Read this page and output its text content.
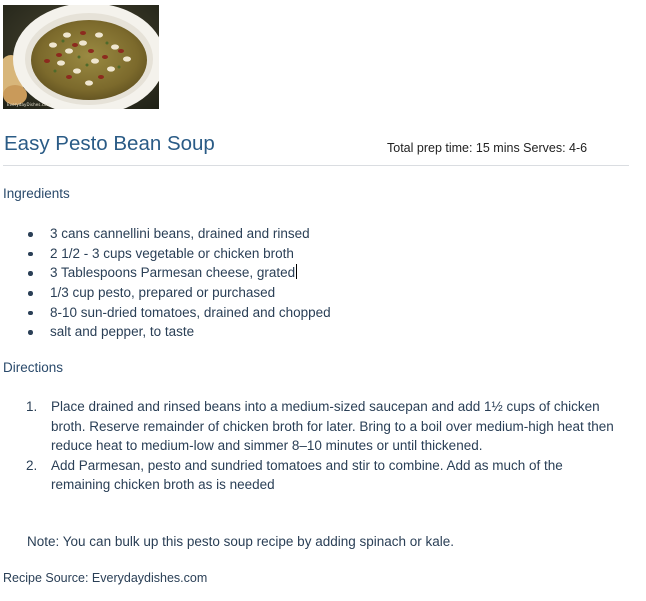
EverydayDishes.com
Easy Pesto Bean Soup	Total prep time: 15 mins Serves: 4-6
Ingredients
3 cans cannellini beans, drained and rinsed
2 1/2 - 3 cups vegetable or chicken broth
3 Tablespoons Parmesan cheese, grated
1/3 cup pesto, prepared or purchased
8-10 sun-dried tomatoes, drained and chopped
salt and pepper, to taste
Directions
1. Place drained and rinsed beans into a medium-sized saucepan and add 1½ cups of chicken broth. Reserve remainder of chicken broth for later. Bring to a boil over medium-high heat then reduce heat to medium-low and simmer 8–10 minutes or until thickened.
2. Add Parmesan, pesto and sundried tomatoes and stir to combine. Add as much of the remaining chicken broth as is needed
Note: You can bulk up this pesto soup recipe by adding spinach or kale.
Recipe Source: Everydaydishes.com
